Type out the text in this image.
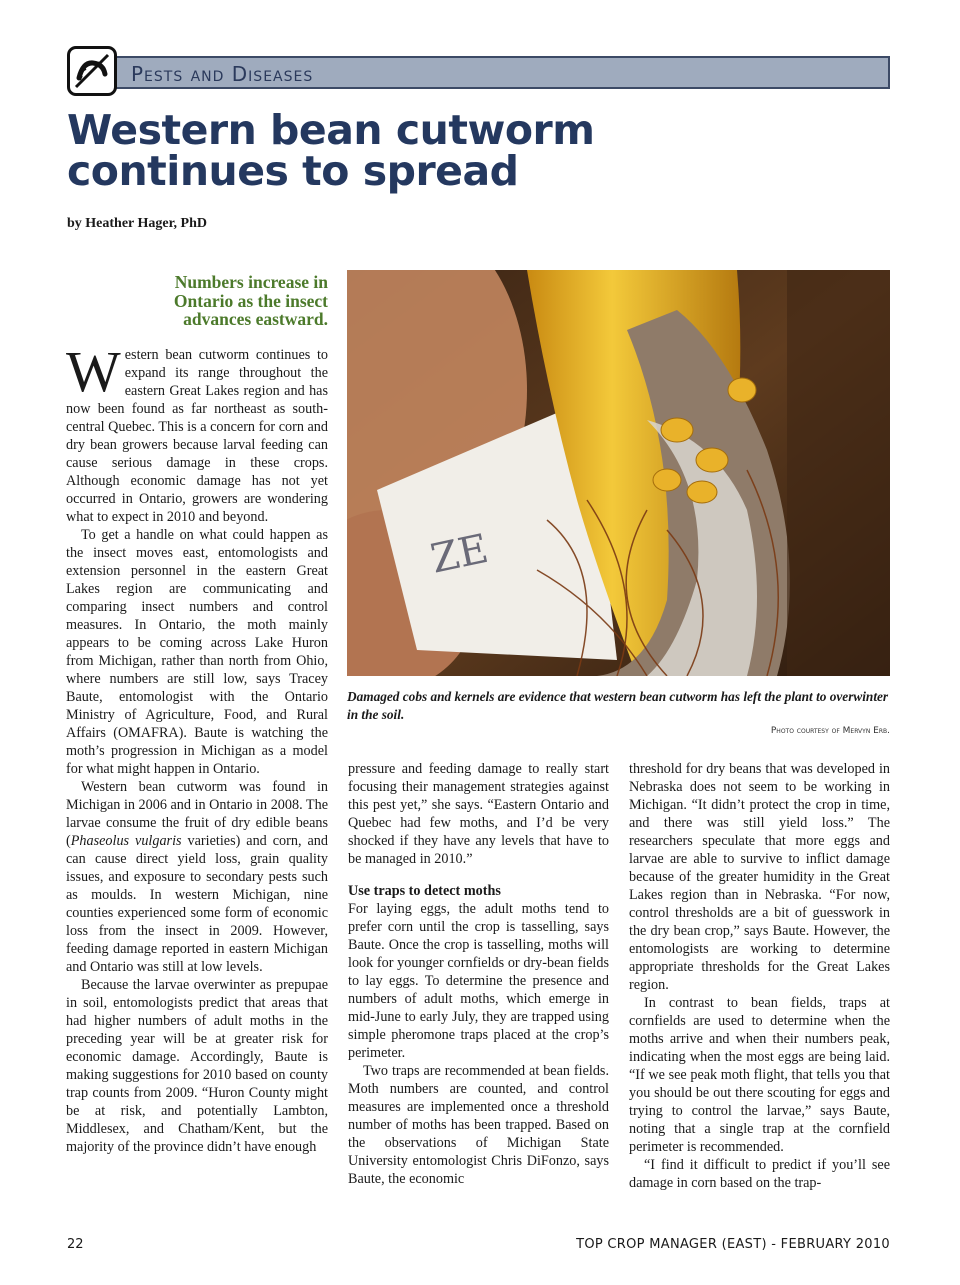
Pests and Diseases
Western bean cutworm
continues to spread
by Heather Hager, PhD
Numbers increase in Ontario as the insect advances eastward.

Western bean cutworm continues to expand its range throughout the eastern Great Lakes region and has now been found as far northeast as south-central Quebec. This is a concern for corn and dry bean growers because larval feeding can cause serious damage in these crops. Although economic damage has not yet occurred in Ontario, growers are wondering what to expect in 2010 and beyond.

To get a handle on what could happen as the insect moves east, entomologists and extension personnel in the eastern Great Lakes region are communicating and comparing insect numbers and control measures. In Ontario, the moth mainly appears to be coming across Lake Huron from Michigan, rather than north from Ohio, where numbers are still low, says Tracey Baute, entomologist with the Ontario Ministry of Agriculture, Food, and Rural Affairs (OMAFRA). Baute is watching the moth’s progression in Michigan as a model for what might happen in Ontario.

Western bean cutworm was found in Michigan in 2006 and in Ontario in 2008. The larvae consume the fruit of dry edible beans (Phaseolus vulgaris varieties) and corn, and can cause direct yield loss, grain quality issues, and exposure to secondary pests such as moulds. In western Michigan, nine counties experienced some form of economic loss from the insect in 2009. However, feeding damage reported in eastern Michigan and Ontario was still at low levels.

Because the larvae overwinter as prepupae in soil, entomologists predict that areas that had higher numbers of adult moths in the preceding year will be at greater risk for economic damage. Accordingly, Baute is making suggestions for 2010 based on county trap counts from 2009. “Huron County might be at risk, and potentially Lambton, Middlesex, and Chatham/Kent, but the majority of the province didn’t have enough

ZE
Damaged cobs and kernels are evidence that western bean cutworm has left the plant to overwinter in the soil.
Photo courtesy of Mervyn Erb.

pressure and feeding damage to really start focusing their management strategies against this pest yet,” she says. “Eastern Ontario and Quebec had few moths, and I’d be very shocked if they have any levels that have to be managed in 2010.”

Use traps to detect moths

For laying eggs, the adult moths tend to prefer corn until the crop is tasselling, says Baute. Once the crop is tasselling, moths will look for younger cornfields or dry-bean fields to lay eggs. To determine the presence and numbers of adult moths, which emerge in mid-June to early July, they are trapped using simple pheromone traps placed at the crop’s perimeter.

Two traps are recommended at bean fields. Moth numbers are counted, and control measures are implemented once a threshold number of moths has been trapped. Based on the observations of Michigan State University entomologist Chris DiFonzo, says Baute, the economic

threshold for dry beans that was developed in Nebraska does not seem to be working in Michigan. “It didn’t protect the crop in time, and there was still yield loss.” The researchers speculate that more eggs and larvae are able to survive to inflict damage because of the greater humidity in the Great Lakes region than in Nebraska. “For now, control thresholds are a bit of guesswork in the dry bean crop,” says Baute. However, the entomologists are working to determine appropriate thresholds for the Great Lakes region.

In contrast to bean fields, traps at cornfields are used to determine when the moths arrive and when their numbers peak, indicating when the most eggs are being laid. “If we see peak moth flight, that tells you that you should be out there scouting for eggs and trying to control the larvae,” says Baute, noting that a single trap at the cornfield perimeter is recommended.

“I find it difficult to predict if you’ll see damage in corn based on the trap-

22	TOP CROP MANAGER (EAST) - FEBRUARY 2010
